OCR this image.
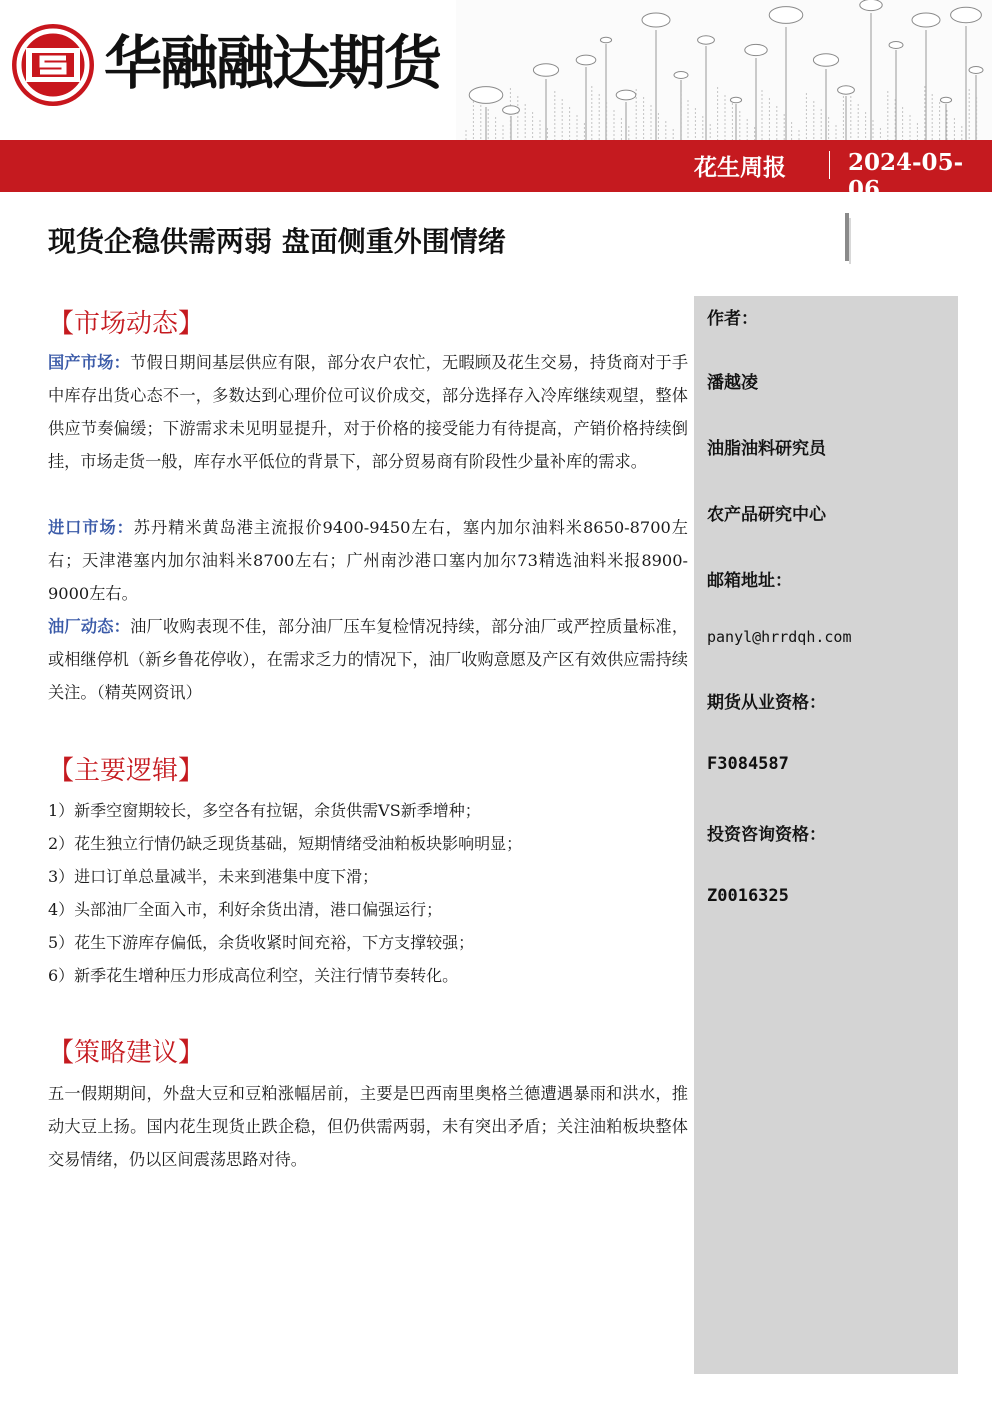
华融融达期货
花生周报	2024-05-06
现货企稳供需两弱 盘面侧重外围情绪
作者：
潘越凌
油脂油料研究员
农产品研究中心
邮箱地址：
panyl@hrrdqh.com
期货从业资格：
F3084587
投资咨询资格：
Z0016325
【市场动态】
国产市场：节假日期间基层供应有限，部分农户农忙，无暇顾及花生交易，持货商对于手中库存出货心态不一，多数达到心理价位可议价成交，部分选择存入冷库继续观望，整体供应节奏偏缓；下游需求未见明显提升，对于价格的接受能力有待提高，产销价格持续倒挂，市场走货一般，库存水平低位的背景下，部分贸易商有阶段性少量补库的需求。
进口市场：苏丹精米黄岛港主流报价9400-9450左右，塞内加尔油料米8650-8700左右；天津港塞内加尔油料米8700左右；广州南沙港口塞内加尔73精选油料米报8900-9000左右。
油厂动态：油厂收购表现不佳，部分油厂压车复检情况持续，部分油厂或严控质量标准，或相继停机（新乡鲁花停收），在需求乏力的情况下，油厂收购意愿及产区有效供应需持续关注。（精英网资讯）
【主要逻辑】
1）新季空窗期较长，多空各有拉锯，余货供需VS新季增种；
2）花生独立行情仍缺乏现货基础，短期情绪受油粕板块影响明显；
3）进口订单总量减半，未来到港集中度下滑；
4）头部油厂全面入市，利好余货出清，港口偏强运行；
5）花生下游库存偏低，余货收紧时间充裕，下方支撑较强；
6）新季花生增种压力形成高位利空，关注行情节奏转化。
【策略建议】
五一假期期间，外盘大豆和豆粕涨幅居前，主要是巴西南里奥格兰德遭遇暴雨和洪水，推动大豆上扬。国内花生现货止跌企稳，但仍供需两弱，未有突出矛盾；关注油粕板块整体交易情绪，仍以区间震荡思路对待。
